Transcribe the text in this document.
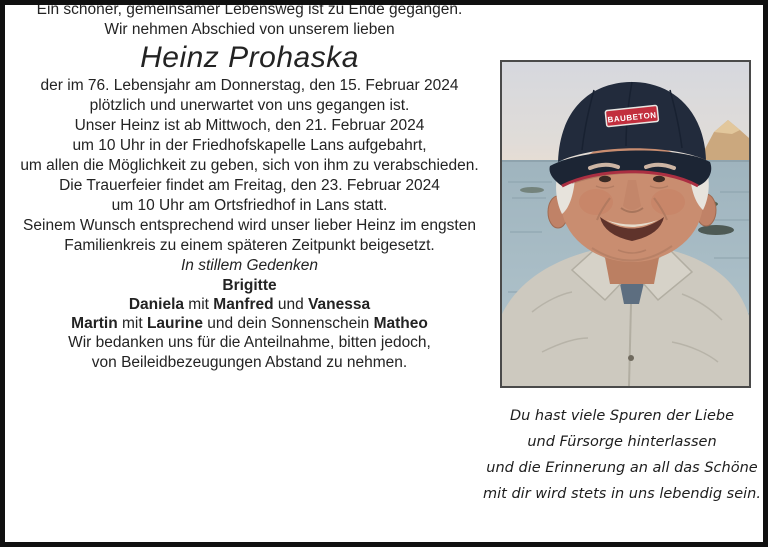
Ein schöner, gemeinsamer Lebensweg ist zu Ende gegangen.

Wir nehmen Abschied von unserem lieben

Heinz Prohaska

der im 76. Lebensjahr am Donnerstag, den 15. Februar 2024
plötzlich und unerwartet von uns gegangen ist.

Unser Heinz ist ab Mittwoch, den 21. Februar 2024
um 10 Uhr in der Friedhofskapelle Lans aufgebahrt,
um allen die Möglichkeit zu geben, sich von ihm zu verabschieden.

Die Trauerfeier findet am Freitag, den 23. Februar 2024
um 10 Uhr am Ortsfriedhof in Lans statt.

Seinem Wunsch entsprechend wird unser lieber Heinz im engsten
Familienkreis zu einem späteren Zeitpunkt beigesetzt.

In stillem Gedenken

Brigitte
Daniela mit Manfred und Vanessa
Martin mit Laurine und dein Sonnenschein Matheo

Wir bedanken uns für die Anteilnahme, bitten jedoch,
von Beileidbezeugungen Abstand zu nehmen.

BAUBETON
Du hast viele Spuren der Liebe
und Fürsorge hinterlassen
und die Erinnerung an all das Schöne
mit dir wird stets in uns lebendig sein.
